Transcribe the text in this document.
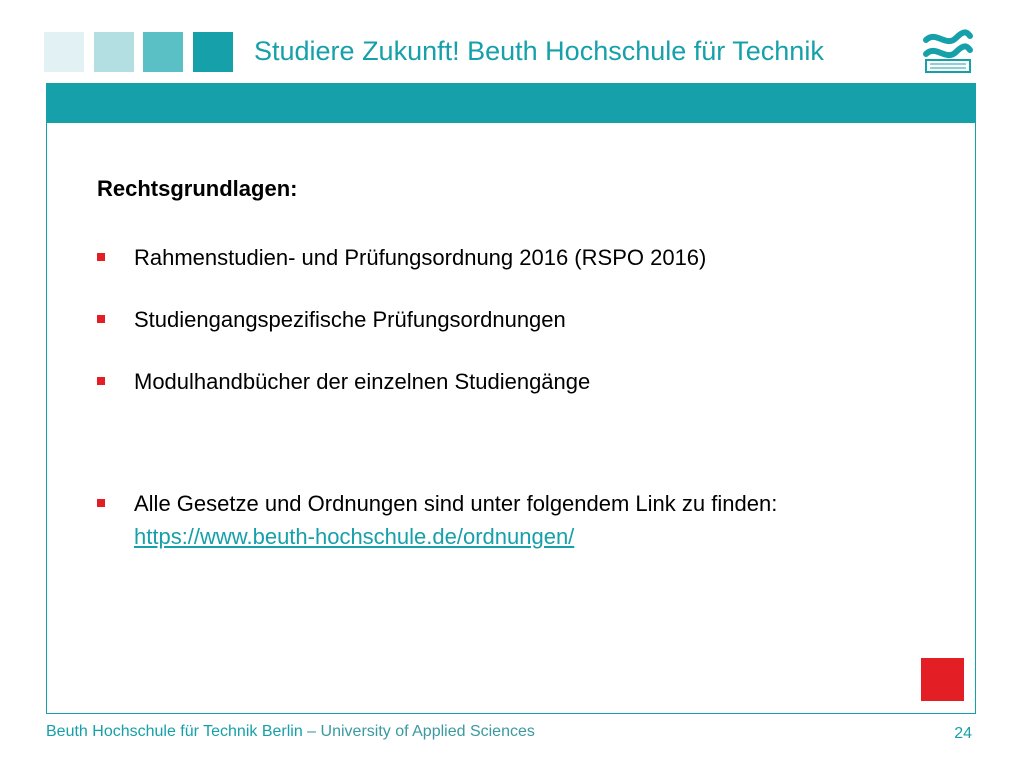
Studiere Zukunft! Beuth Hochschule für Technik
Rechtsgrundlagen:
Rahmenstudien- und Prüfungsordnung 2016 (RSPO 2016)
Studiengangspezifische Prüfungsordnungen
Modulhandbücher der einzelnen Studiengänge
Alle Gesetze und Ordnungen sind unter folgendem Link zu finden: https://www.beuth-hochschule.de/ordnungen/
Beuth Hochschule für Technik Berlin – University of Applied Sciences	24
